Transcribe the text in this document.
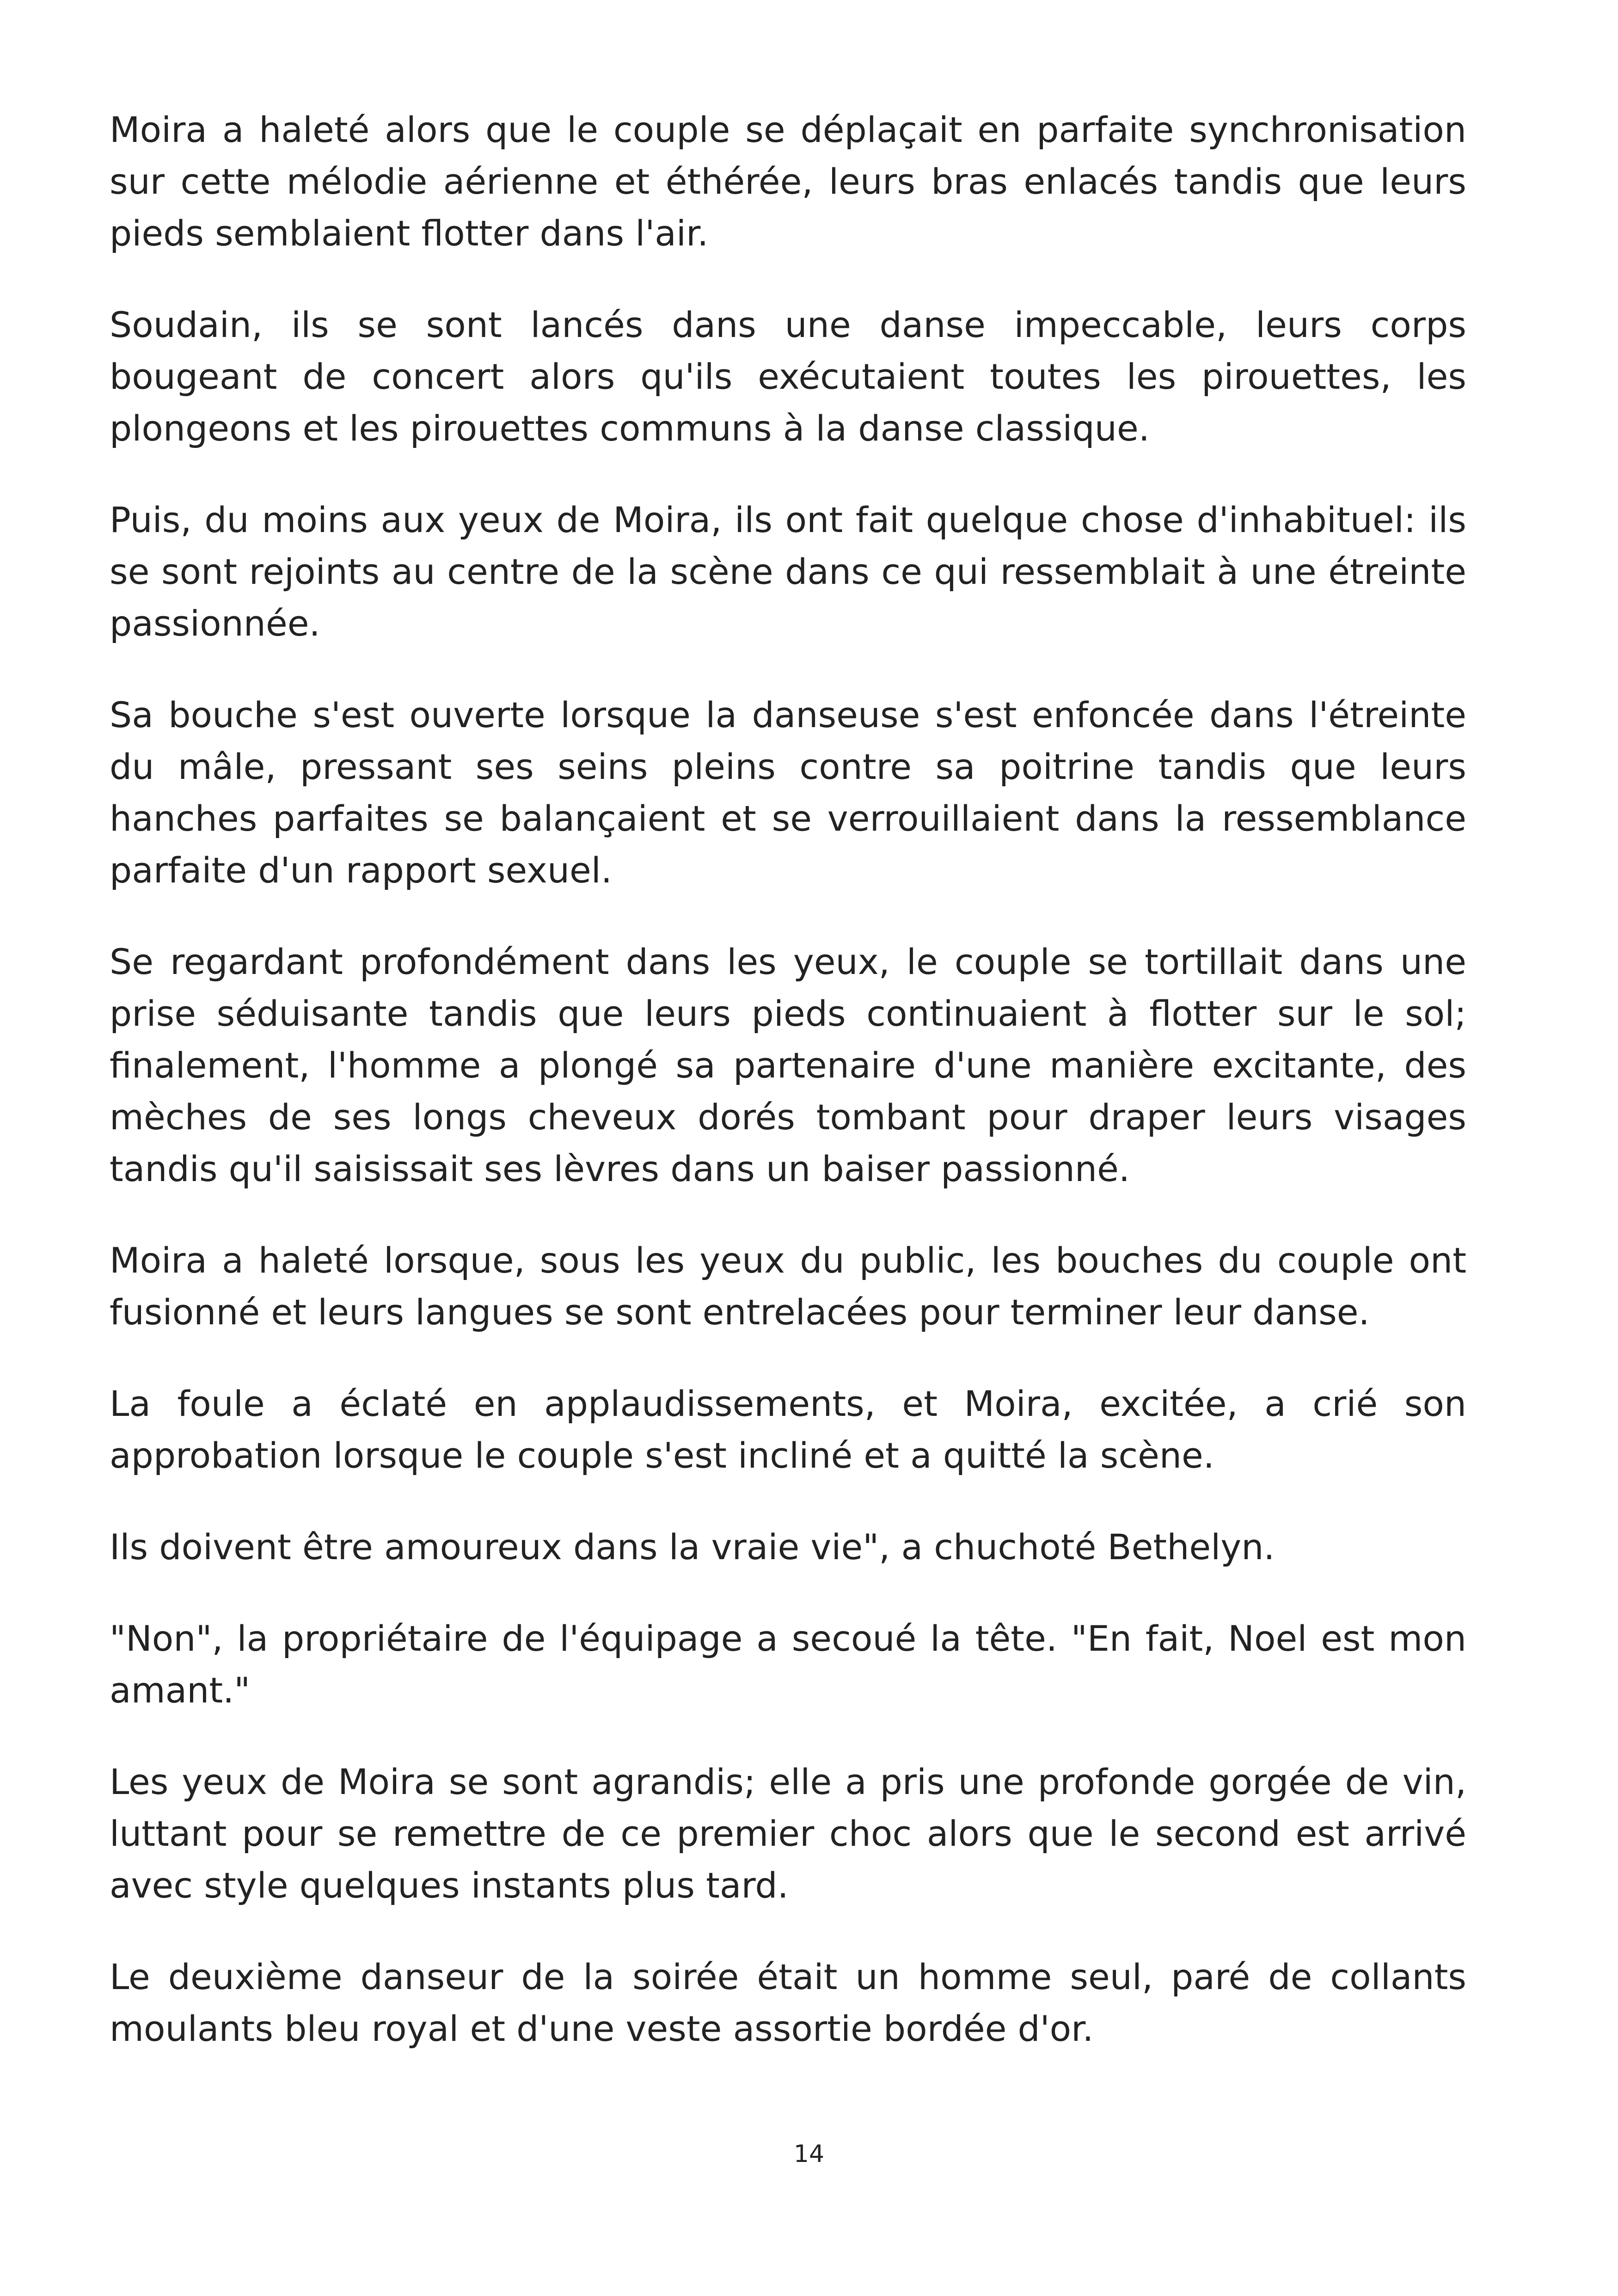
Moira a haleté alors que le couple se déplaçait en parfaite synchronisation sur cette mélodie aérienne et éthérée, leurs bras enlacés tandis que leurs pieds semblaient flotter dans l'air.

Soudain, ils se sont lancés dans une danse impeccable, leurs corps bougeant de concert alors qu'ils exécutaient toutes les pirouettes, les plongeons et les pirouettes communs à la danse classique.

Puis, du moins aux yeux de Moira, ils ont fait quelque chose d'inhabituel: ils se sont rejoints au centre de la scène dans ce qui ressemblait à une étreinte passionnée.

Sa bouche s'est ouverte lorsque la danseuse s'est enfoncée dans l'étreinte du mâle, pressant ses seins pleins contre sa poitrine tandis que leurs hanches parfaites se balançaient et se verrouillaient dans la ressemblance parfaite d'un rapport sexuel.

Se regardant profondément dans les yeux, le couple se tortillait dans une prise séduisante tandis que leurs pieds continuaient à flotter sur le sol; finalement, l'homme a plongé sa partenaire d'une manière excitante, des mèches de ses longs cheveux dorés tombant pour draper leurs visages tandis qu'il saisissait ses lèvres dans un baiser passionné.

Moira a haleté lorsque, sous les yeux du public, les bouches du couple ont fusionné et leurs langues se sont entrelacées pour terminer leur danse.

La foule a éclaté en applaudissements, et Moira, excitée, a crié son approbation lorsque le couple s'est incliné et a quitté la scène.

Ils doivent être amoureux dans la vraie vie", a chuchoté Bethelyn.

"Non", la propriétaire de l'équipage a secoué la tête. "En fait, Noel est mon amant."

Les yeux de Moira se sont agrandis; elle a pris une profonde gorgée de vin, luttant pour se remettre de ce premier choc alors que le second est arrivé avec style quelques instants plus tard.

Le deuxième danseur de la soirée était un homme seul, paré de collants moulants bleu royal et d'une veste assortie bordée d'or.

14
